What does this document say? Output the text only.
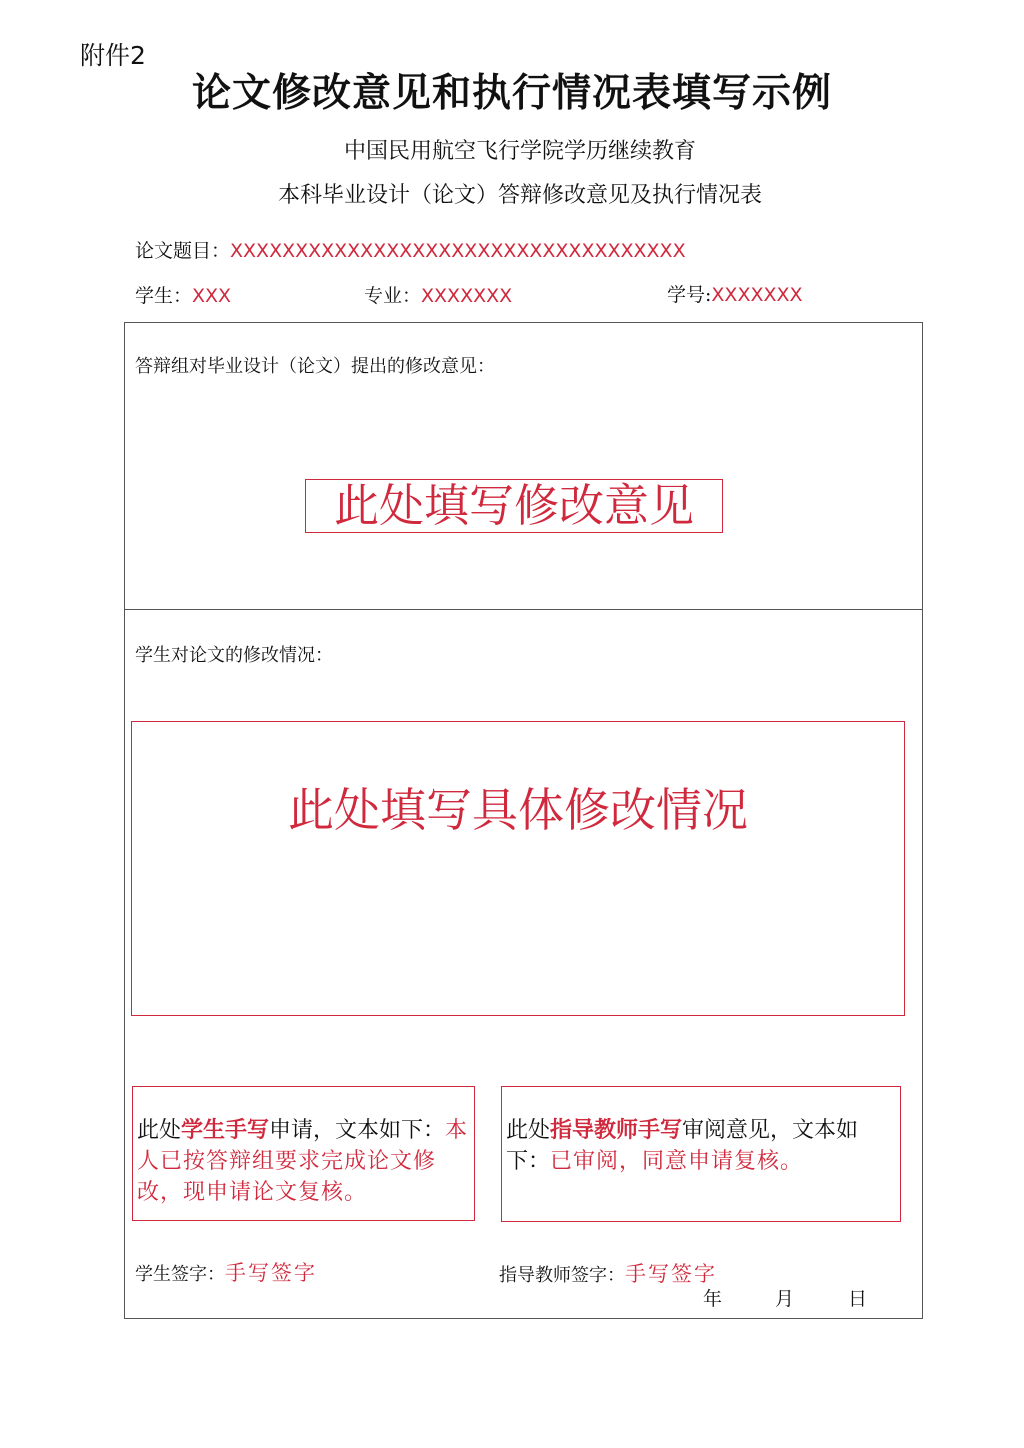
附件2
论文修改意见和执行情况表填写示例
中国民用航空飞行学院学历继续教育
本科毕业设计（论文）答辩修改意见及执行情况表
论文题目：XXXXXXXXXXXXXXXXXXXXXXXXXXXXXXXXXXX
学生：XXX	专业：XXXXXXX	学号:XXXXXXX
答辩组对毕业设计（论文）提出的修改意见：
此处填写修改意见
学生对论文的修改情况：
此处填写具体修改情况
此处学生手写申请，文本如下：本人已按答辩组要求完成论文修改，现申请论文复核。
此处指导教师手写审阅意见，文本如下：已审阅，同意申请复核。
学生签字：手写签字	指导教师签字：手写签字
年	月	日
